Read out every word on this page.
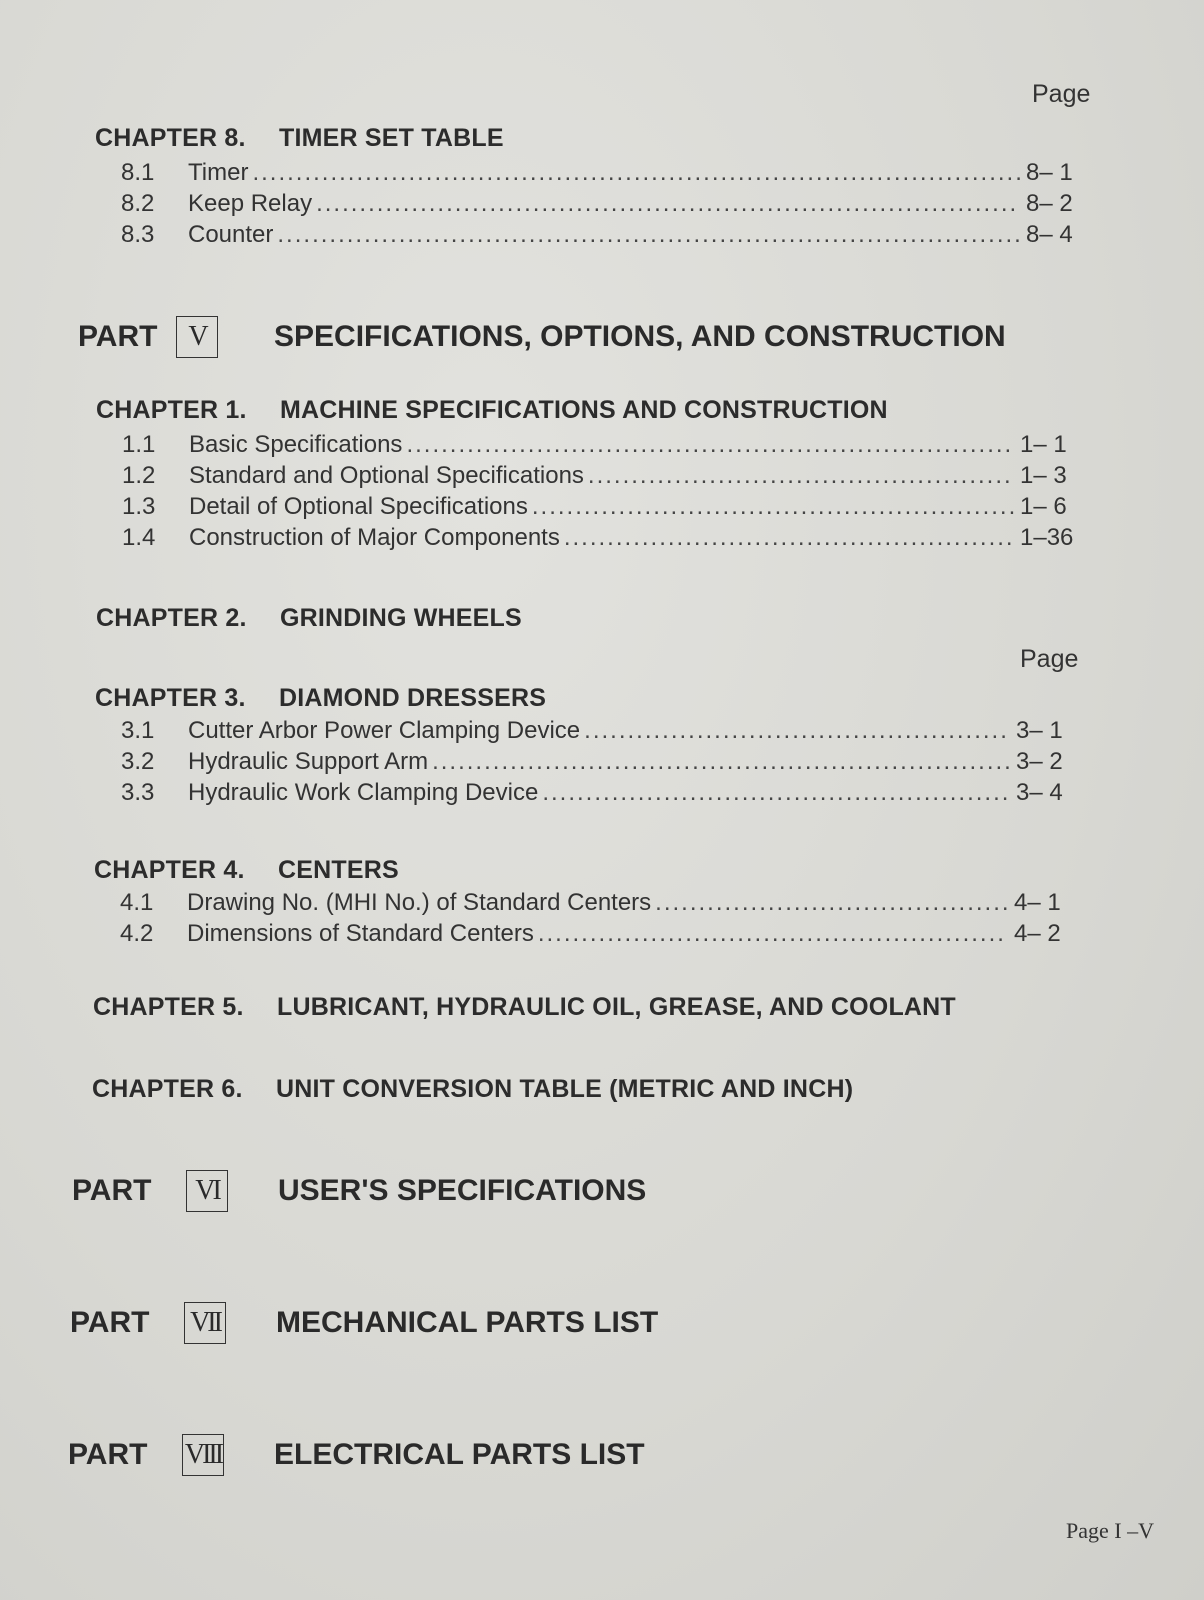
Page
CHAPTER 8. TIMER SET TABLE
8.1	Timer .....	8– 1
8.2	Keep Relay .....	8– 2
8.3	Counter .....	8– 4
PART	V	SPECIFICATIONS, OPTIONS, AND CONSTRUCTION
CHAPTER 1. MACHINE SPECIFICATIONS AND CONSTRUCTION
1.1	Basic Specifications .....	1– 1
1.2	Standard and Optional Specifications .....	1– 3
1.3	Detail of Optional Specifications .....	1– 6
1.4	Construction of Major Components .....	1–36
CHAPTER 2. GRINDING WHEELS
Page
CHAPTER 3. DIAMOND DRESSERS
3.1	Cutter Arbor Power Clamping Device .....	3– 1
3.2	Hydraulic Support Arm .....	3– 2
3.3	Hydraulic Work Clamping Device .....	3– 4
CHAPTER 4. CENTERS
4.1	Drawing No. (MHI No.) of Standard Centers .....	4– 1
4.2	Dimensions of Standard Centers .....	4– 2
CHAPTER 5. LUBRICANT, HYDRAULIC OIL, GREASE, AND COOLANT
CHAPTER 6. UNIT CONVERSION TABLE (METRIC AND INCH)
PART	VI	USER'S SPECIFICATIONS
PART	VII MECHANICAL PARTS LIST
PART	VIII ELECTRICAL PARTS LIST
Page I –V
